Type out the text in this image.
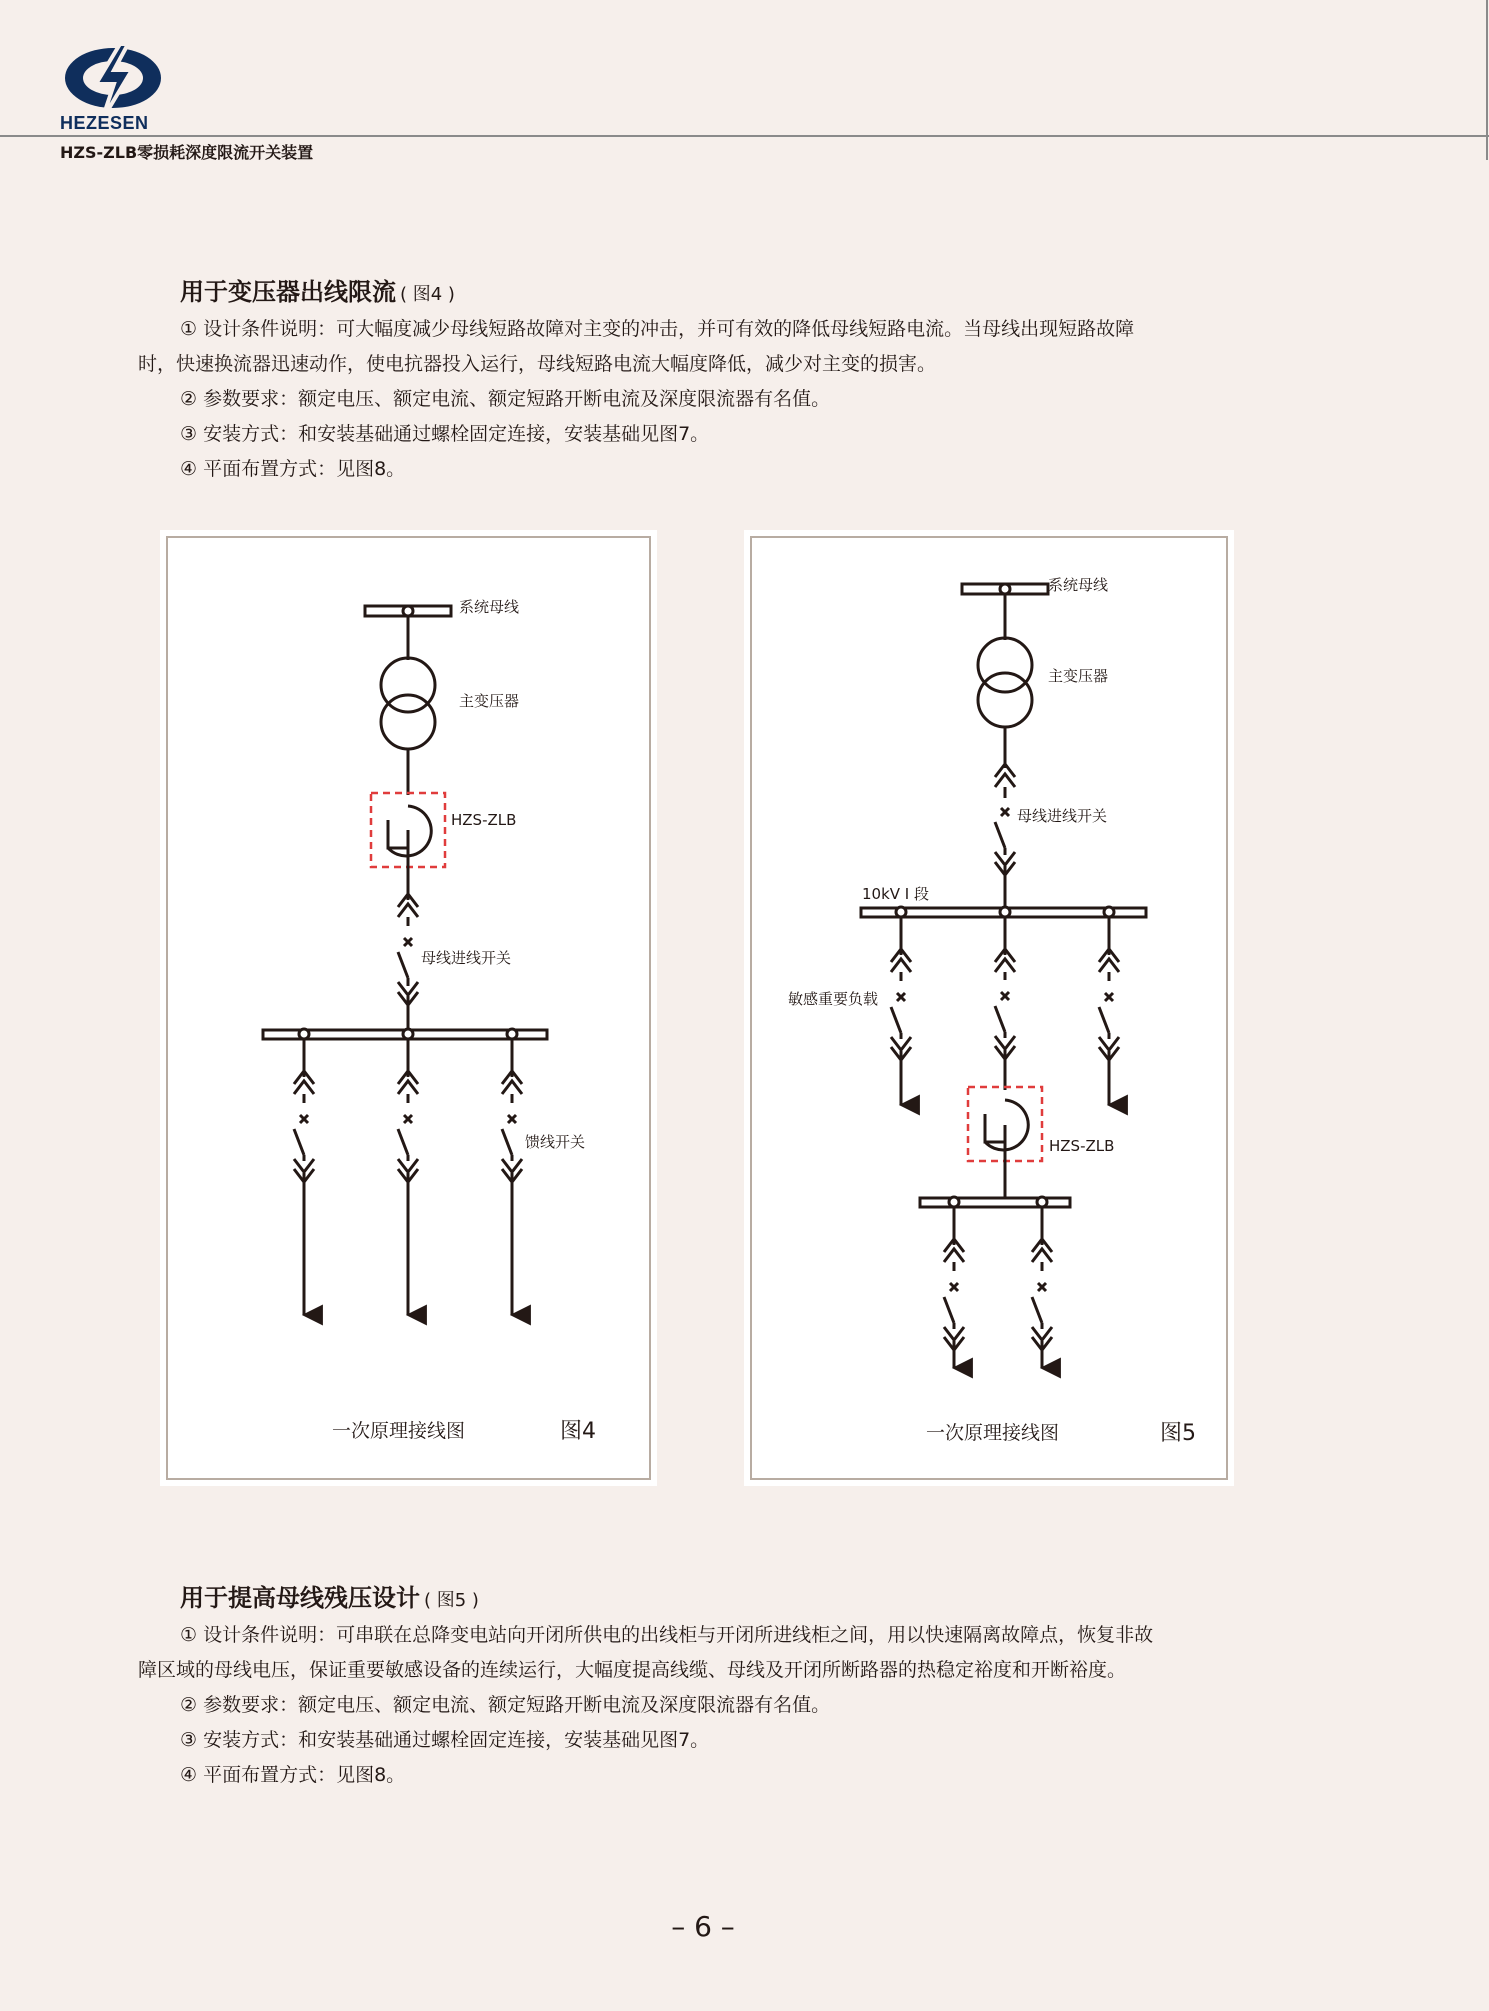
HEZESEN
HZS-ZLB零损耗深度限流开关装置
用于变压器出线限流 ( 图4 )
① 设计条件说明：可大幅度减少母线短路故障对主变的冲击，并可有效的降低母线短路电流。当母线出现短路故障
时，快速换流器迅速动作，使电抗器投入运行，母线短路电流大幅度降低，减少对主变的损害。
② 参数要求：额定电压、额定电流、额定短路开断电流及深度限流器有名值。
③ 安装方式：和安装基础通过螺栓固定连接，安装基础见图7。
④ 平面布置方式：见图8。
系统母线
主变压器
HZS-ZLB
母线进线开关
馈线开关
一次原理接线图	图4
系统母线
主变压器
母线进线开关
10kV Ⅰ 段
敏感重要负载
HZS-ZLB
一次原理接线图	图5
用于提高母线残压设计 ( 图5 )
① 设计条件说明：可串联在总降变电站向开闭所供电的出线柜与开闭所进线柜之间，用以快速隔离故障点，恢复非故
障区域的母线电压，保证重要敏感设备的连续运行，大幅度提高线缆、母线及开闭所断路器的热稳定裕度和开断裕度。
② 参数要求：额定电压、额定电流、额定短路开断电流及深度限流器有名值。
③ 安装方式：和安装基础通过螺栓固定连接，安装基础见图7。
④ 平面布置方式：见图8。
– 6 –
